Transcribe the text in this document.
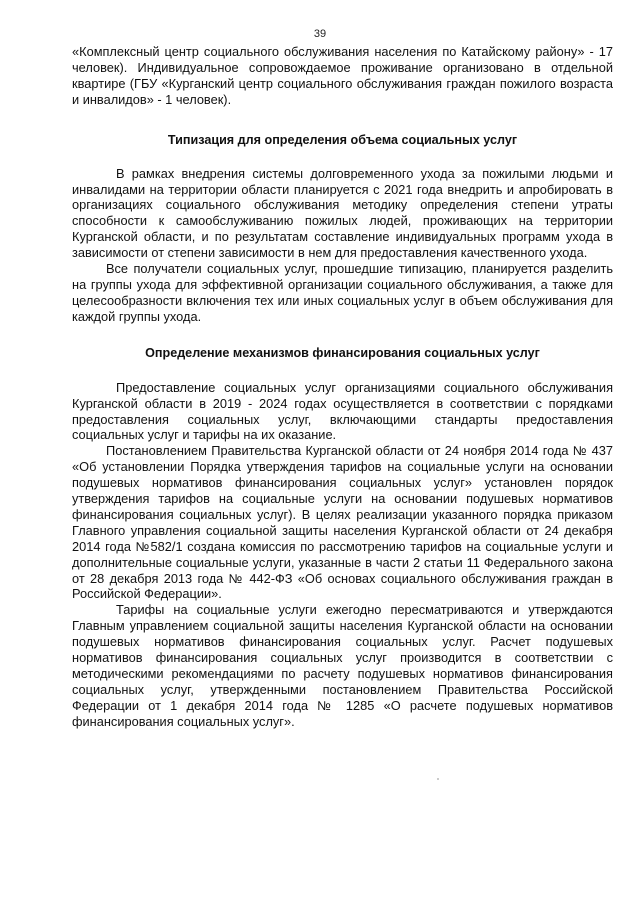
39

«Комплексный центр социального обслуживания населения по Катайскому району» - 17 человек). Индивидуальное сопровождаемое проживание организовано в отдельной квартире (ГБУ «Курганский центр социального обслуживания граждан пожилого возраста и инвалидов» - 1 человек).

Типизация для определения объема социальных услуг

В рамках внедрения системы долговременного ухода за пожилыми людьми и инвалидами на территории области планируется с 2021 года внедрить и апробировать в организациях социального обслуживания методику определения степени утраты способности к самообслуживанию пожилых людей, проживающих на территории Курганской области, и по результатам составление индивидуальных программ ухода в зависимости от степени зависимости в нем для предоставления качественного ухода.

Все получатели социальных услуг, прошедшие типизацию, планируется разделить на группы ухода для эффективной организации социального обслуживания, а также для целесообразности включения тех или иных социальных услуг в объем обслуживания для каждой группы ухода.

Определение механизмов финансирования социальных услуг

Предоставление социальных услуг организациями социального обслуживания Курганской области в 2019 - 2024 годах осуществляется в соответствии с порядками предоставления социальных услуг, включающими стандарты предоставления социальных услуг и тарифы на их оказание.

Постановлением Правительства Курганской области от 24 ноября 2014 года № 437 «Об установлении Порядка утверждения тарифов на социальные услуги на основании подушевых нормативов финансирования социальных услуг» установлен порядок утверждения тарифов на социальные услуги на основании подушевых нормативов финансирования социальных услуг). В целях реализации указанного порядка приказом Главного управления социальной защиты населения Курганской области от 24 декабря 2014 года №582/1 создана комиссия по рассмотрению тарифов на социальные услуги и дополнительные социальные услуги, указанные в части 2 статьи 11 Федерального закона от 28 декабря 2013 года № 442-ФЗ «Об основах социального обслуживания граждан в Российской Федерации».

Тарифы на социальные услуги ежегодно пересматриваются и утверждаются Главным управлением социальной защиты населения Курганской области на основании подушевых нормативов финансирования социальных услуг. Расчет подушевых нормативов финансирования социальных услуг производится в соответствии с методическими рекомендациями по расчету подушевых нормативов финансирования социальных услуг, утвержденными постановлением Правительства Российской Федерации от 1 декабря 2014 года № 1285 «О расчете подушевых нормативов финансирования социальных услуг».
